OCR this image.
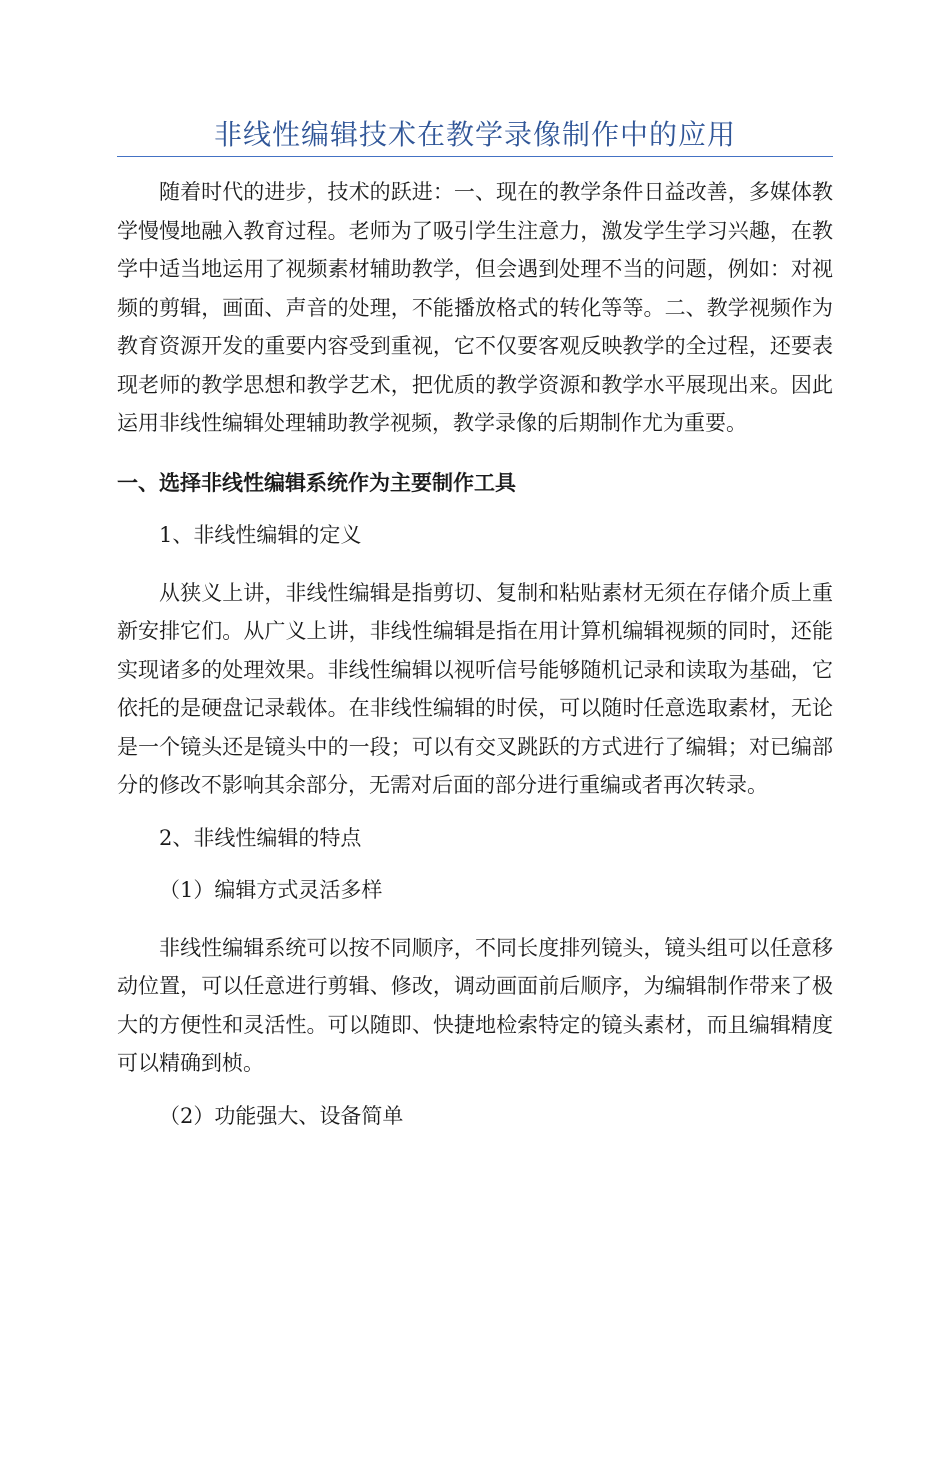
非线性编辑技术在教学录像制作中的应用

随着时代的进步，技术的跃进：一、现在的教学条件日益改善，多媒体教学慢慢地融入教育过程。老师为了吸引学生注意力，激发学生学习兴趣，在教学中适当地运用了视频素材辅助教学，但会遇到处理不当的问题，例如：对视频的剪辑，画面、声音的处理，不能播放格式的转化等等。二、教学视频作为教育资源开发的重要内容受到重视，它不仅要客观反映教学的全过程，还要表现老师的教学思想和教学艺术，把优质的教学资源和教学水平展现出来。因此运用非线性编辑处理辅助教学视频，教学录像的后期制作尤为重要。

一、选择非线性编辑系统作为主要制作工具
1、非线性编辑的定义

从狭义上讲，非线性编辑是指剪切、复制和粘贴素材无须在存储介质上重新安排它们。从广义上讲，非线性编辑是指在用计算机编辑视频的同时，还能实现诸多的处理效果。非线性编辑以视听信号能够随机记录和读取为基础，它依托的是硬盘记录载体。在非线性编辑的时侯，可以随时任意选取素材，无论是一个镜头还是镜头中的一段；可以有交叉跳跃的方式进行了编辑；对已编部分的修改不影响其余部分，无需对后面的部分进行重编或者再次转录。

2、非线性编辑的特点
（1）编辑方式灵活多样

非线性编辑系统可以按不同顺序，不同长度排列镜头，镜头组可以任意移动位置，可以任意进行剪辑、修改，调动画面前后顺序，为编辑制作带来了极大的方便性和灵活性。可以随即、快捷地检索特定的镜头素材，而且编辑精度可以精确到桢。

（2）功能强大、设备简单
